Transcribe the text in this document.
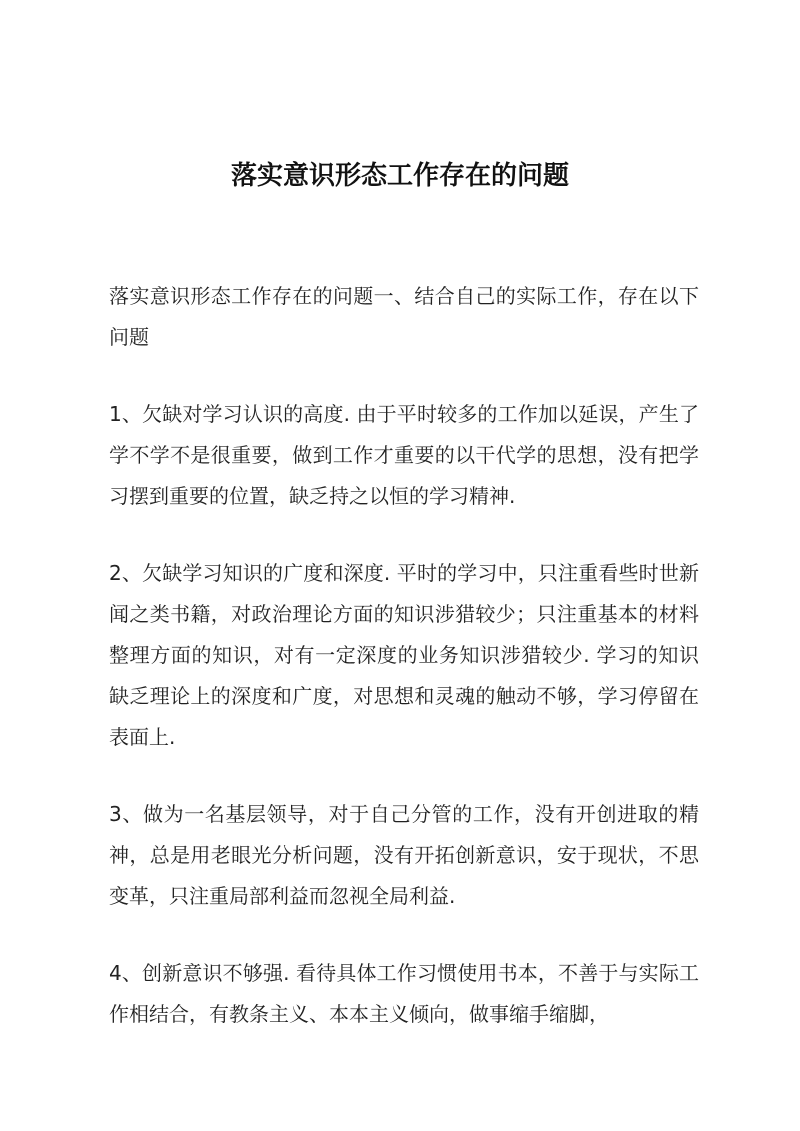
落实意识形态工作存在的问题

落实意识形态工作存在的问题一、结合自己的实际工作，存在以下问题

1、欠缺对学习认识的高度. 由于平时较多的工作加以延误，产生了学不学不是很重要，做到工作才重要的以干代学的思想，没有把学习摆到重要的位置，缺乏持之以恒的学习精神.

2、欠缺学习知识的广度和深度. 平时的学习中，只注重看些时世新闻之类书籍，对政治理论方面的知识涉猎较少；只注重基本的材料整理方面的知识，对有一定深度的业务知识涉猎较少. 学习的知识缺乏理论上的深度和广度，对思想和灵魂的触动不够，学习停留在表面上.

3、做为一名基层领导，对于自己分管的工作，没有开创进取的精神，总是用老眼光分析问题，没有开拓创新意识，安于现状，不思变革，只注重局部利益而忽视全局利益.

4、创新意识不够强. 看待具体工作习惯使用书本，不善于与实际工作相结合，有教条主义、本本主义倾向，做事缩手缩脚，
